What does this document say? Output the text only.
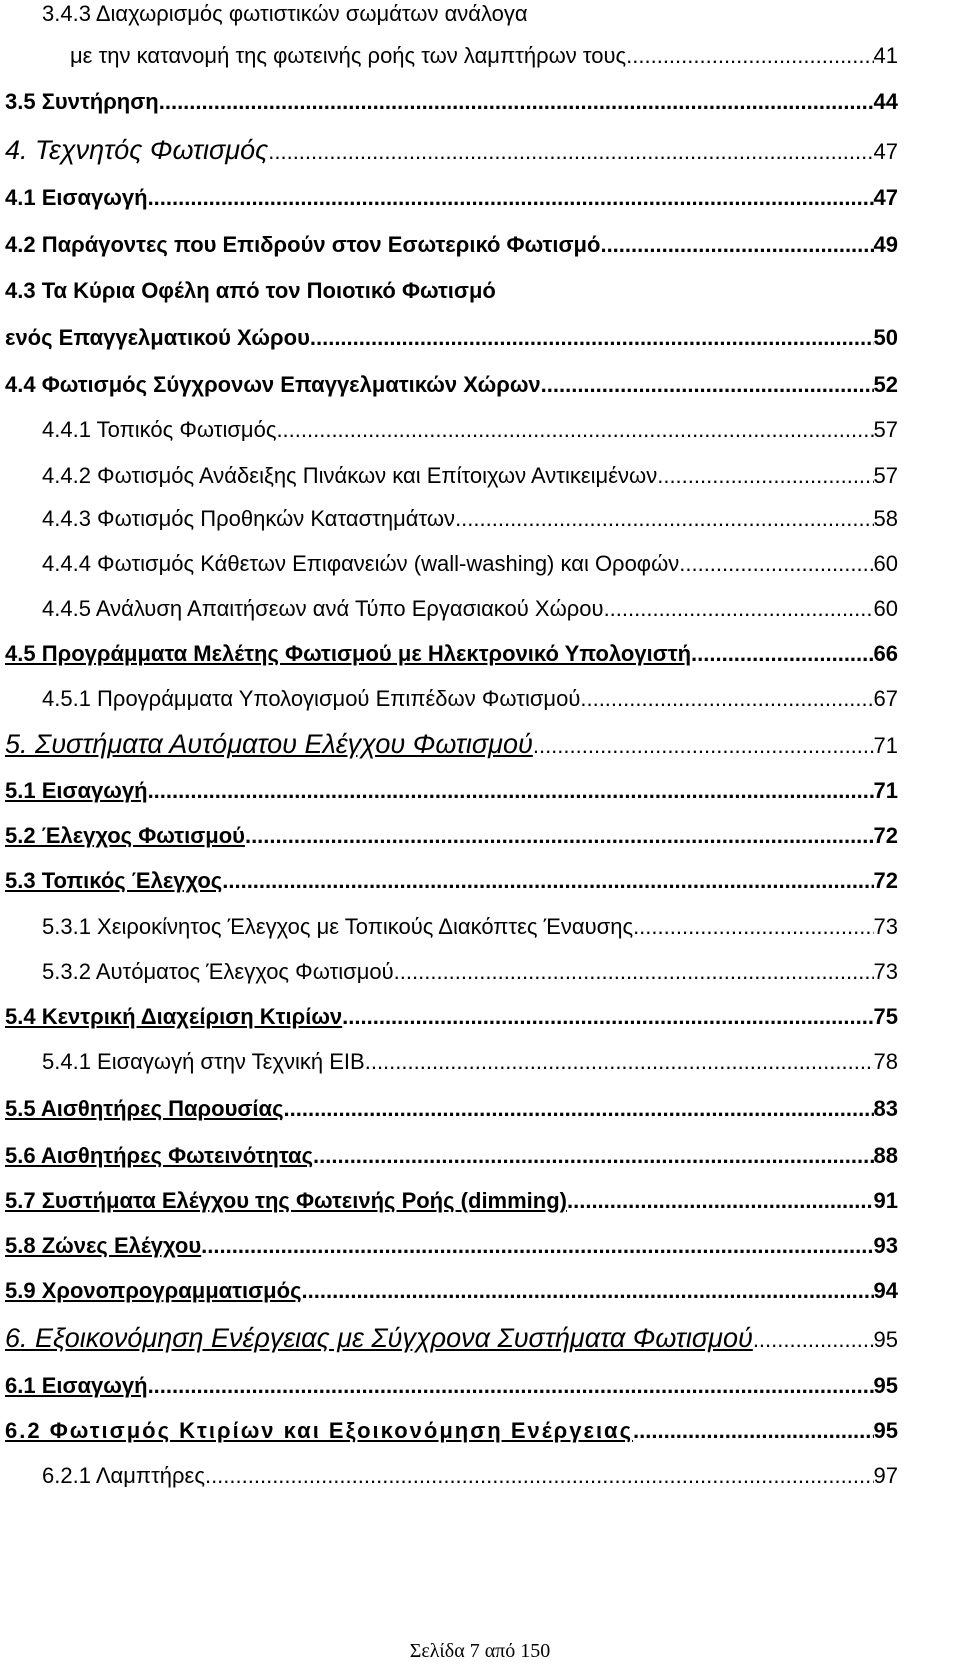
3.4.3 Διαχωρισμός φωτιστικών σωμάτων ανάλογα
με την κατανομή της φωτεινής ροής των λαμπτήρων τους .....	41
3.5 Συντήρηση .....	44
4. Τεχνητός Φωτισμός .....	47
4.1 Εισαγωγή .....	47
4.2 Παράγοντες που Επιδρούν στον Εσωτερικό Φωτισμό .....	49
4.3 Τα Κύρια Οφέλη από τον Ποιοτικό Φωτισμό
ενός Επαγγελματικού Χώρου .....	50
4.4 Φωτισμός Σύγχρονων Επαγγελματικών Χώρων .....	52
4.4.1 Τοπικός Φωτισμός .....	57
4.4.2 Φωτισμός Ανάδειξης Πινάκων και Επίτοιχων Αντικειμένων .....	57
4.4.3 Φωτισμός Προθηκών Καταστημάτων .....	58
4.4.4 Φωτισμός Κάθετων Επιφανειών (wall-washing) και Οροφών .....	60
4.4.5 Ανάλυση Απαιτήσεων ανά Τύπο Εργασιακού Χώρου .....	60
4.5 Προγράμματα Μελέτης Φωτισμού με Ηλεκτρονικό Υπολογιστή .....	66
4.5.1 Προγράμματα Υπολογισμού Επιπέδων Φωτισμού .....	67
5. Συστήματα Αυτόματου Ελέγχου Φωτισμού .....	71
5.1 Εισαγωγή .....	71
5.2 Έλεγχος Φωτισμού .....	72
5.3 Τοπικός Έλεγχος .....	72
5.3.1 Χειροκίνητος Έλεγχος με Τοπικούς Διακόπτες Έναυσης .....	73
5.3.2 Αυτόματος Έλεγχος Φωτισμού .....	73
5.4 Κεντρική Διαχείριση Κτιρίων .....	75
5.4.1 Εισαγωγή στην Τεχνική EIB .....	78
5.5 Αισθητήρες Παρουσίας .....	83
5.6 Αισθητήρες Φωτεινότητας .....	88
5.7 Συστήματα Ελέγχου της Φωτεινής Ροής (dimming) .....	91
5.8 Ζώνες Ελέγχου .....	93
5.9 Χρονοπρογραμματισμός .....	94
6. Εξοικονόμηση Ενέργειας με Σύγχρονα Συστήματα Φωτισμού .....	95
6.1 Εισαγωγή .....	95
6.2 Φωτισμός Κτιρίων και Εξοικονόμηση Ενέργειας .....	95
6.2.1 Λαμπτήρες .....	97
Σελίδα 7 από 150
